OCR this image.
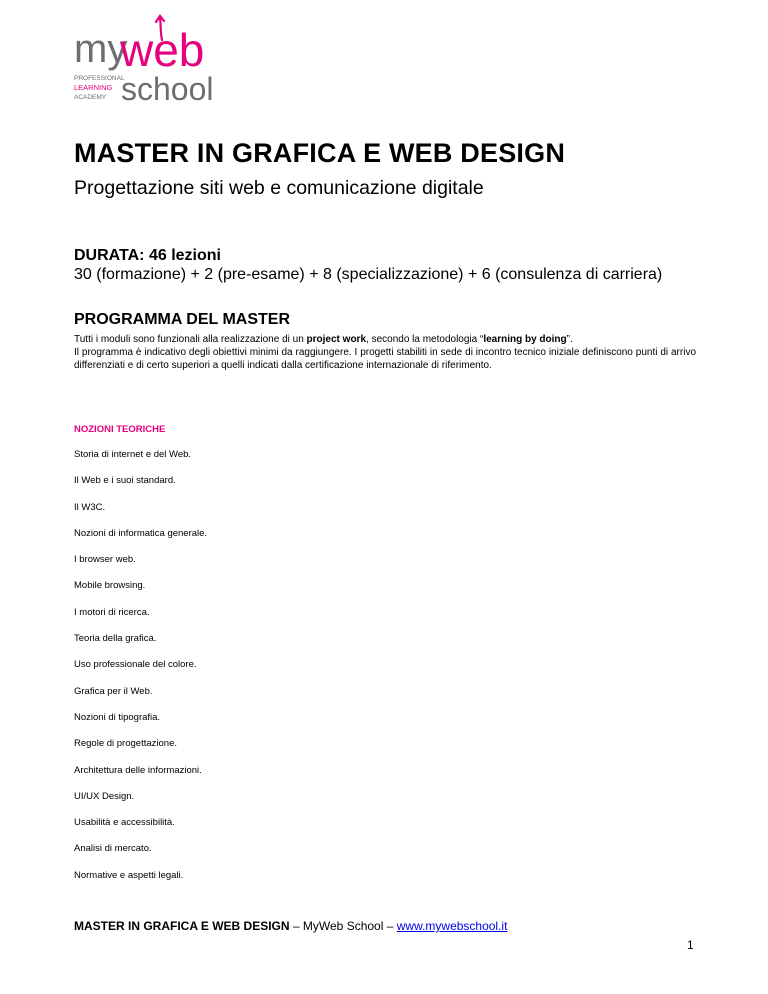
my
web
PROFESSIONAL
LEARNING
ACADEMY school
MASTER IN GRAFICA E WEB DESIGN
Progettazione siti web e comunicazione digitale
DURATA: 46 lezioni
30 (formazione) + 2 (pre-esame) + 8 (specializzazione) + 6 (consulenza di carriera)
PROGRAMMA DEL MASTER

Tutti i moduli sono funzionali alla realizzazione di un project work, secondo la metodologia “learning by doing”.

Il programma è indicativo degli obiettivi minimi da raggiungere. I progetti stabiliti in sede di incontro tecnico iniziale definiscono punti di arrivo differenziati e di certo superiori a quelli indicati dalla certificazione internazionale di riferimento.

NOZIONI TEORICHE
Storia di internet e del Web.
Il Web e i suoi standard.
Il W3C.
Nozioni di informatica generale.
I browser web.
Mobile browsing.
I motori di ricerca.
Teoria della grafica.
Uso professionale del colore.
Grafica per il Web.
Nozioni di tipografia.
Regole di progettazione.
Architettura delle informazioni.
UI/UX Design.
Usabilità e accessibilità.
Analisi di mercato.
Normative e aspetti legali.
MASTER IN GRAFICA E WEB DESIGN – MyWeb School – www.mywebschool.it
1
